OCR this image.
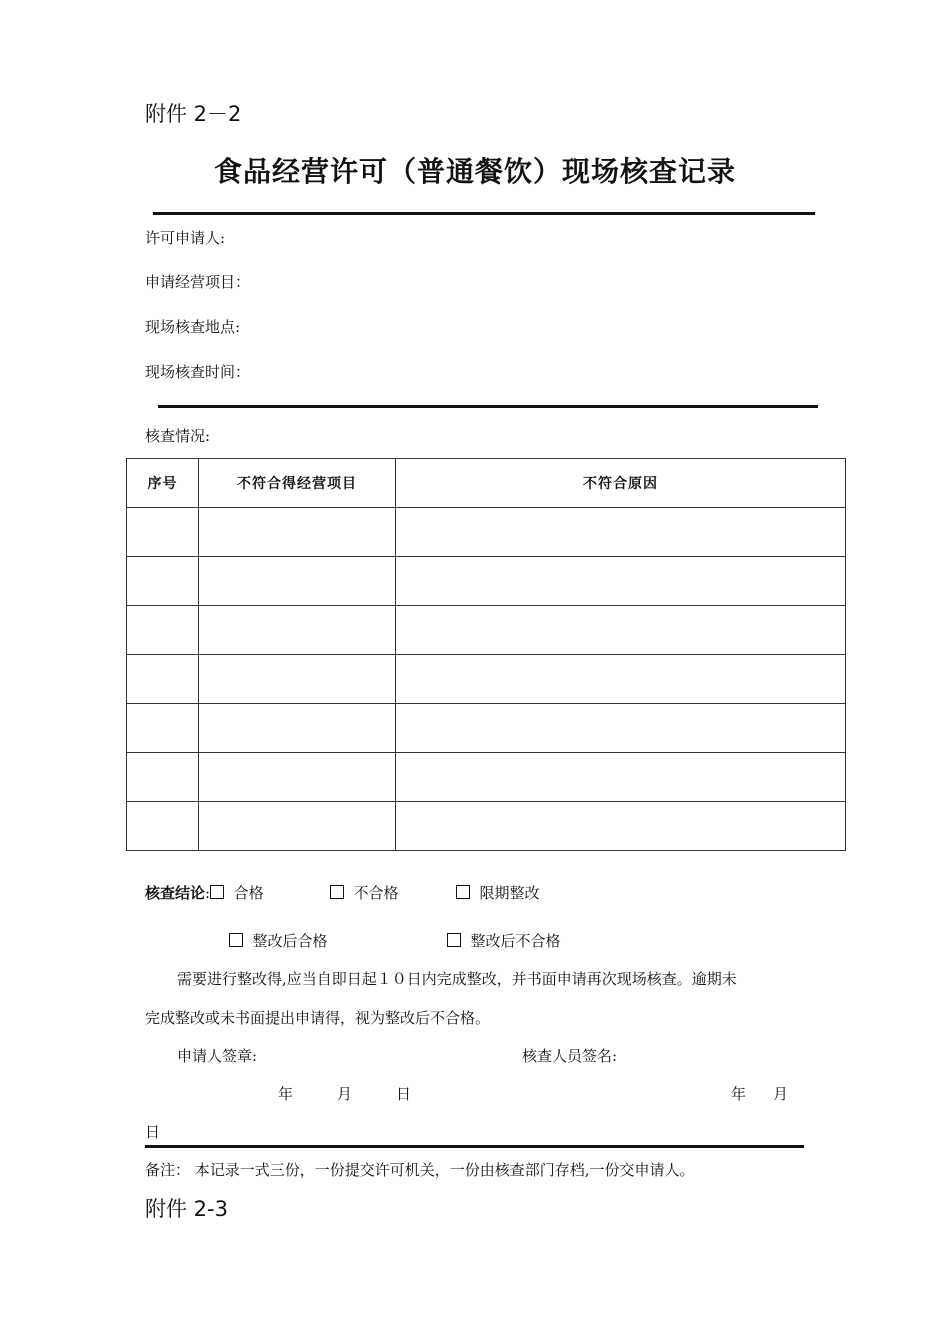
附件 2－2
食品经营许可（普通餐饮）现场核查记录
许可申请人:
申请经营项目：
现场核查地点:
现场核查时间：
核查情况:
序号	不符合得经营项目	不符合原因

核查结论: 合格	不合格	限期整改
整改后合格	整改后不合格
需要进行整改得,应当自即日起１０日内完成整改，并书面申请再次现场核查。逾期未
完成整改或未书面提出申请得，视为整改后不合格。
申请人签章:	核查人员签名:
年	月	日	年 月
日
备注： 本记录一式三份，一份提交许可机关，一份由核查部门存档,一份交申请人。
附件 2-3
